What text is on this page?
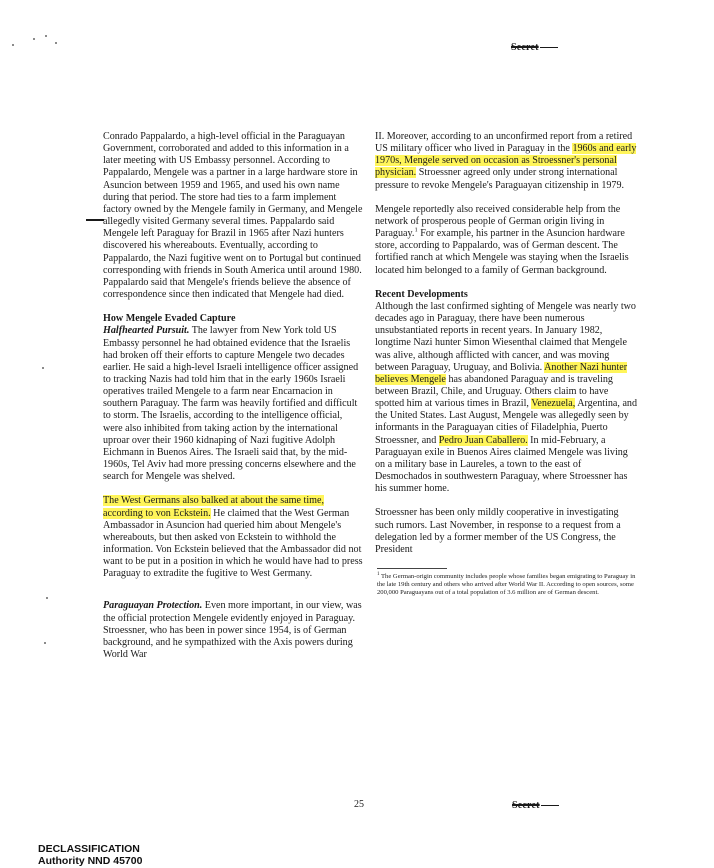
Secret

Conrado Pappalardo, a high-level official in the Paraguayan Government, corroborated and added to this information in a later meeting with US Embassy personnel. According to Pappalardo, Mengele was a partner in a large hardware store in Asuncion between 1959 and 1965, and used his own name during that period. The store had ties to a farm implement factory owned by the Mengele family in Germany, and Mengele allegedly visited Germany several times. Pappalardo said Mengele left Paraguay for Brazil in 1965 after Nazi hunters discovered his whereabouts. Eventually, according to Pappalardo, the Nazi fugitive went on to Portugal but continued corresponding with friends in South America until around 1980. Pappalardo said that Mengele's friends believe the absence of correspondence since then indicated that Mengele had died.

How Mengele Evaded Capture

Halfhearted Pursuit. The lawyer from New York told US Embassy personnel he had obtained evidence that the Israelis had broken off their efforts to capture Mengele two decades earlier. He said a high-level Israeli intelligence officer assigned to tracking Nazis had told him that in the early 1960s Israeli operatives trailed Mengele to a farm near Encarnacion in southern Paraguay. The farm was heavily fortified and difficult to storm. The Israelis, according to the intelligence official, were also inhibited from taking action by the international uproar over their 1960 kidnaping of Nazi fugitive Adolph Eichmann in Buenos Aires. The Israeli said that, by the mid-1960s, Tel Aviv had more pressing concerns elsewhere and the search for Mengele was shelved.

The West Germans also balked at about the same time, according to von Eckstein. He claimed that the West German Ambassador in Asuncion had queried him about Mengele's whereabouts, but then asked von Eckstein to withhold the information. Von Eckstein believed that the Ambassador did not want to be put in a position in which he would have had to press Paraguay to extradite the fugitive to West Germany.

Paraguayan Protection. Even more important, in our view, was the official protection Mengele evidently enjoyed in Paraguay. Stroessner, who has been in power since 1954, is of German background, and he sympathized with the Axis powers during World War

II. Moreover, according to an unconfirmed report from a retired US military officer who lived in Paraguay in the 1960s and early 1970s, Mengele served on occasion as Stroessner's personal physician. Stroessner agreed only under strong international pressure to revoke Mengele's Paraguayan citizenship in 1979.

Mengele reportedly also received considerable help from the network of prosperous people of German origin living in Paraguay.$^1$ For example, his partner in the Asuncion hardware store, according to Pappalardo, was of German descent. The fortified ranch at which Mengele was staying when the Israelis located him belonged to a family of German background.

Recent Developments

Although the last confirmed sighting of Mengele was nearly two decades ago in Paraguay, there have been numerous unsubstantiated reports in recent years. In January 1982, longtime Nazi hunter Simon Wiesenthal claimed that Mengele was alive, although afflicted with cancer, and was moving between Paraguay, Uruguay, and Bolivia. Another Nazi hunter believes Mengele has abandoned Paraguay and is traveling between Brazil, Chile, and Uruguay. Others claim to have spotted him at various times in Brazil, Venezuela, Argentina, and the United States. Last August, Mengele was allegedly seen by informants in the Paraguayan cities of Filadelphia, Puerto Stroessner, and Pedro Juan Caballero. In mid-February, a Paraguayan exile in Buenos Aires claimed Mengele was living on a military base in Laureles, a town to the east of Desmochados in southwestern Paraguay, where Stroessner has his summer home.

Stroessner has been only mildly cooperative in investigating such rumors. Last November, in response to a request from a delegation led by a former member of the US Congress, the President

$^1$ The German-origin community includes people whose families began emigrating to Paraguay in the late 19th century and others who arrived after World War II. According to open sources, some 200,000 Paraguayans out of a total population of 3.6 million are of German descent.
25	Secret
DECLASSIFICATION
Authority NND 45700
